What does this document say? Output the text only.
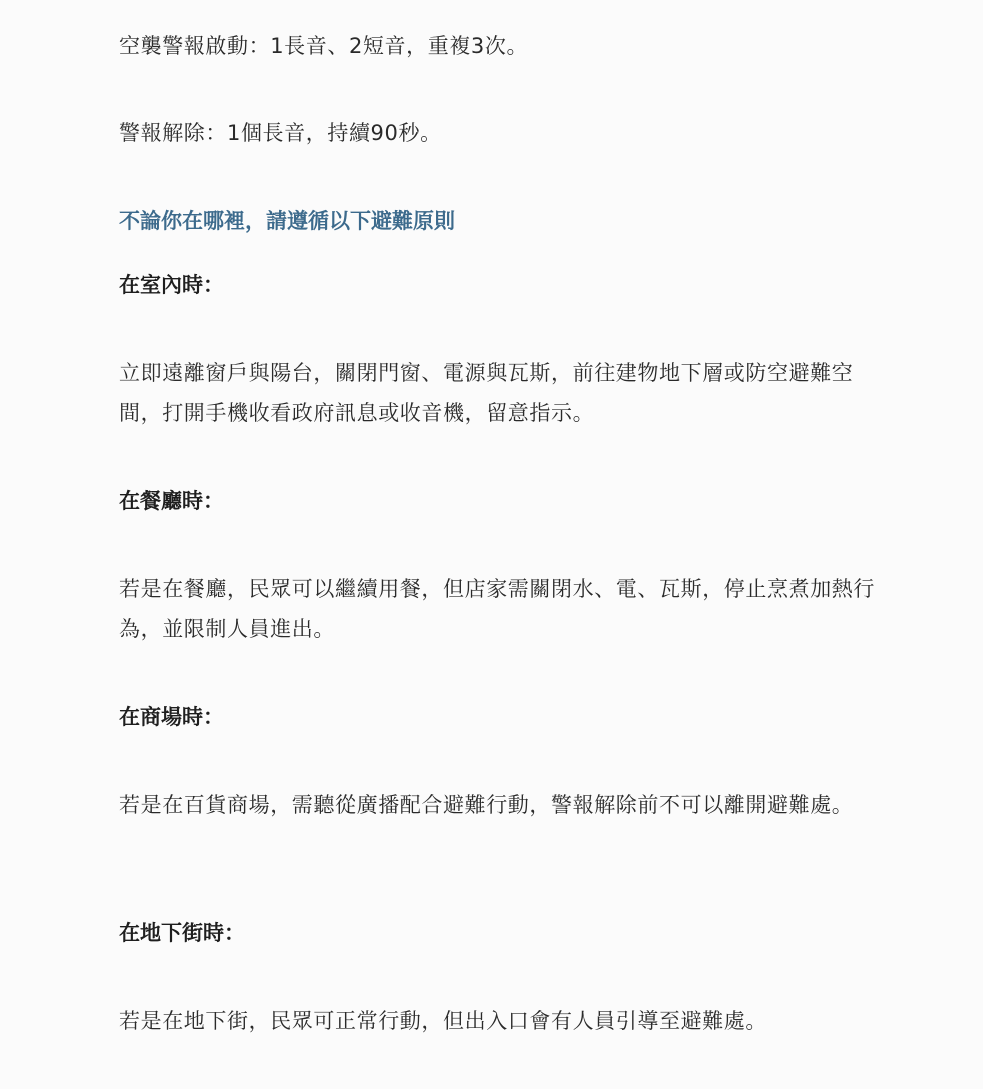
空襲警報啟動：1長音、2短音，重複3次。

警報解除：1個長音，持續90秒。

不論你在哪裡，請遵循以下避難原則
在室內時：

立即遠離窗戶與陽台，關閉門窗、電源與瓦斯，前往建物地下層或防空避難空間，打開手機收看政府訊息或收音機，留意指示。

在餐廳時：

若是在餐廳，民眾可以繼續用餐，但店家需關閉水、電、瓦斯，停止烹煮加熱行為，並限制人員進出。

在商場時：

若是在百貨商場，需聽從廣播配合避難行動，警報解除前不可以離開避難處。

在地下街時：

若是在地下街，民眾可正常行動，但出入口會有人員引導至避難處。
